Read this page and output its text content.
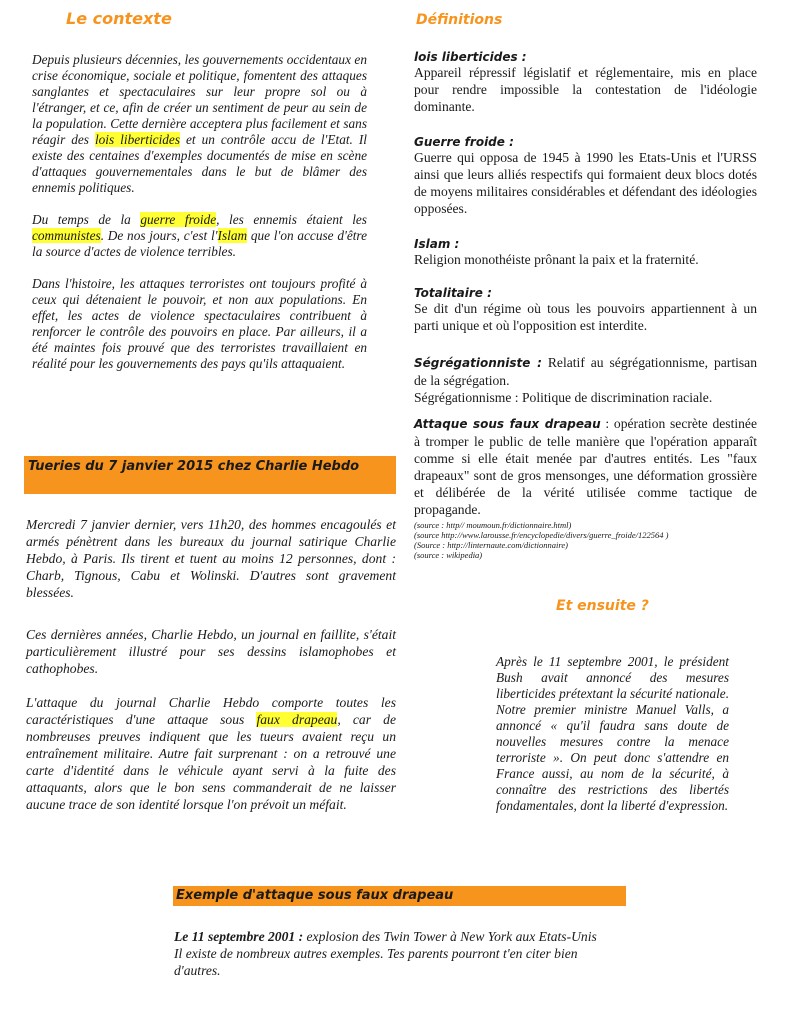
Le contexte

Depuis plusieurs décennies, les gouvernements occidentaux en crise économique, sociale et politique, fomentent des attaques sanglantes et spectaculaires sur leur propre sol ou à l'étranger, et ce, afin de créer un sentiment de peur au sein de la population. Cette dernière acceptera plus facilement et sans réagir des lois liberticides et un contrôle accu de l'Etat. Il existe des centaines d'exemples documentés de mise en scène d'attaques gouvernementales dans le but de blâmer des ennemis politiques.

Du temps de la guerre froide, les ennemis étaient les communistes. De nos jours, c'est l'Islam que l'on accuse d'être la source d'actes de violence terribles.

Dans l'histoire, les attaques terroristes ont toujours profité à ceux qui détenaient le pouvoir, et non aux populations. En effet, les actes de violence spectaculaires contribuent à renforcer le contrôle des pouvoirs en place. Par ailleurs, il a été maintes fois prouvé que des terroristes travaillaient en réalité pour les gouvernements des pays qu'ils attaquaient.

Tueries du 7 janvier 2015 chez Charlie Hebdo

Mercredi 7 janvier dernier, vers 11h20, des hommes encagoulés et armés pénètrent dans les bureaux du journal satirique Charlie Hebdo, à Paris. Ils tirent et tuent au moins 12 personnes, dont : Charb, Tignous, Cabu et Wolinski. D'autres sont gravement blessées.

Ces dernières années, Charlie Hebdo, un journal en faillite, s'était particulièrement illustré pour ses dessins islamophobes et cathophobes.

L'attaque du journal Charlie Hebdo comporte toutes les caractéristiques d'une attaque sous faux drapeau, car de nombreuses preuves indiquent que les tueurs avaient reçu un entraînement militaire. Autre fait surprenant : on a retrouvé une carte d'identité dans le véhicule ayant servi à la fuite des attaquants, alors que le bon sens commanderait de ne laisser aucune trace de son identité lorsque l'on prévoit un méfait.

Définitions
lois liberticides :
Appareil répressif législatif et réglementaire, mis en place pour rendre impossible la contestation de l'idéologie dominante.
Guerre froide :
Guerre qui opposa de 1945 à 1990 les Etats-Unis et l'URSS ainsi que leurs alliés respectifs qui formaient deux blocs dotés de moyens militaires considérables et défendant des idéologies opposées.
Islam :
Religion monothéiste prônant la paix et la fraternité.
Totalitaire :
Se dit d'un régime où tous les pouvoirs appartiennent à un parti unique et où l'opposition est interdite.
Ségrégationniste : Relatif au ségrégationnisme, partisan de la ségrégation.
Ségrégationnisme : Politique de discrimination raciale.
Attaque sous faux drapeau : opération secrète destinée à tromper le public de telle manière que l'opération apparaît comme si elle était menée par d'autres entités. Les "faux drapeaux" sont de gros mensonges, une déformation grossière et délibérée de la vérité utilisée comme tactique de propagande.
(source : http// moumoun.fr/dictionnaire.html)
(source http://www.larousse.fr/encyclopedie/divers/guerre_froide/122564 )
(Source : http://linternaute.com/dictionnaire)
(source : wikipedia)
Et ensuite ?
Après le 11 septembre 2001, le président Bush avait annoncé des mesures liberticides prétextant la sécurité nationale. Notre premier ministre Manuel Valls, a annoncé « qu'il faudra sans doute de nouvelles mesures contre la menace terroriste ». On peut donc s'attendre en France aussi, au nom de la sécurité, à connaître des restrictions des libertés fondamentales, dont la liberté d'expression.
Exemple d'attaque sous faux drapeau

Le 11 septembre 2001 : explosion des Twin Tower à New York aux Etats-Unis

Il existe de nombreux autres exemples. Tes parents pourront t'en citer bien d'autres.
